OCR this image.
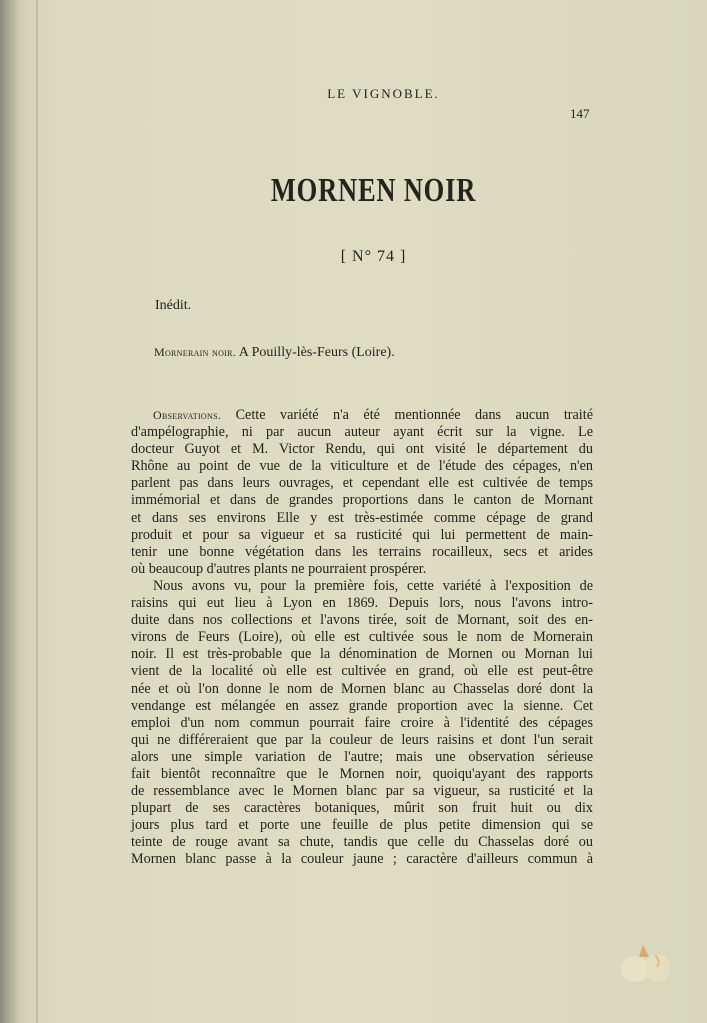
LE VIGNOBLE.
147
MORNEN NOIR
[ N° 74 ]
Inédit.
Mornerain noir. A Pouilly-lès-Feurs (Loire).
Observations. Cette variété n'a été mentionnée dans aucun traité
d'ampélographie, ni par aucun auteur ayant écrit sur la vigne. Le
docteur Guyot et M. Victor Rendu, qui ont visité le département du
Rhône au point de vue de la viticulture et de l'étude des cépages, n'en
parlent pas dans leurs ouvrages, et cependant elle est cultivée de temps
immémorial et dans de grandes proportions dans le canton de Mornant
et dans ses environs Elle y est très-estimée comme cépage de grand
produit et pour sa vigueur et sa rusticité qui lui permettent de main-
tenir une bonne végétation dans les terrains rocailleux, secs et arides
où beaucoup d'autres plants ne pourraient prospérer.
Nous avons vu, pour la première fois, cette variété à l'exposition de
raisins qui eut lieu à Lyon en 1869. Depuis lors, nous l'avons intro-
duite dans nos collections et l'avons tirée, soit de Mornant, soit des en-
virons de Feurs (Loire), où elle est cultivée sous le nom de Mornerain
noir. Il est très-probable que la dénomination de Mornen ou Mornan lui
vient de la localité où elle est cultivée en grand, où elle est peut-être
née et où l'on donne le nom de Mornen blanc au Chasselas doré dont la
vendange est mélangée en assez grande proportion avec la sienne. Cet
emploi d'un nom commun pourrait faire croire à l'identité des cépages
qui ne différeraient que par la couleur de leurs raisins et dont l'un serait
alors une simple variation de l'autre; mais une observation sérieuse
fait bientôt reconnaître que le Mornen noir, quoiqu'ayant des rapports
de ressemblance avec le Mornen blanc par sa vigueur, sa rusticité et la
plupart de ses caractères botaniques, mûrit son fruit huit ou dix
jours plus tard et porte une feuille de plus petite dimension qui se
teinte de rouge avant sa chute, tandis que celle du Chasselas doré ou
Mornen blanc passe à la couleur jaune ; caractère d'ailleurs commun à
